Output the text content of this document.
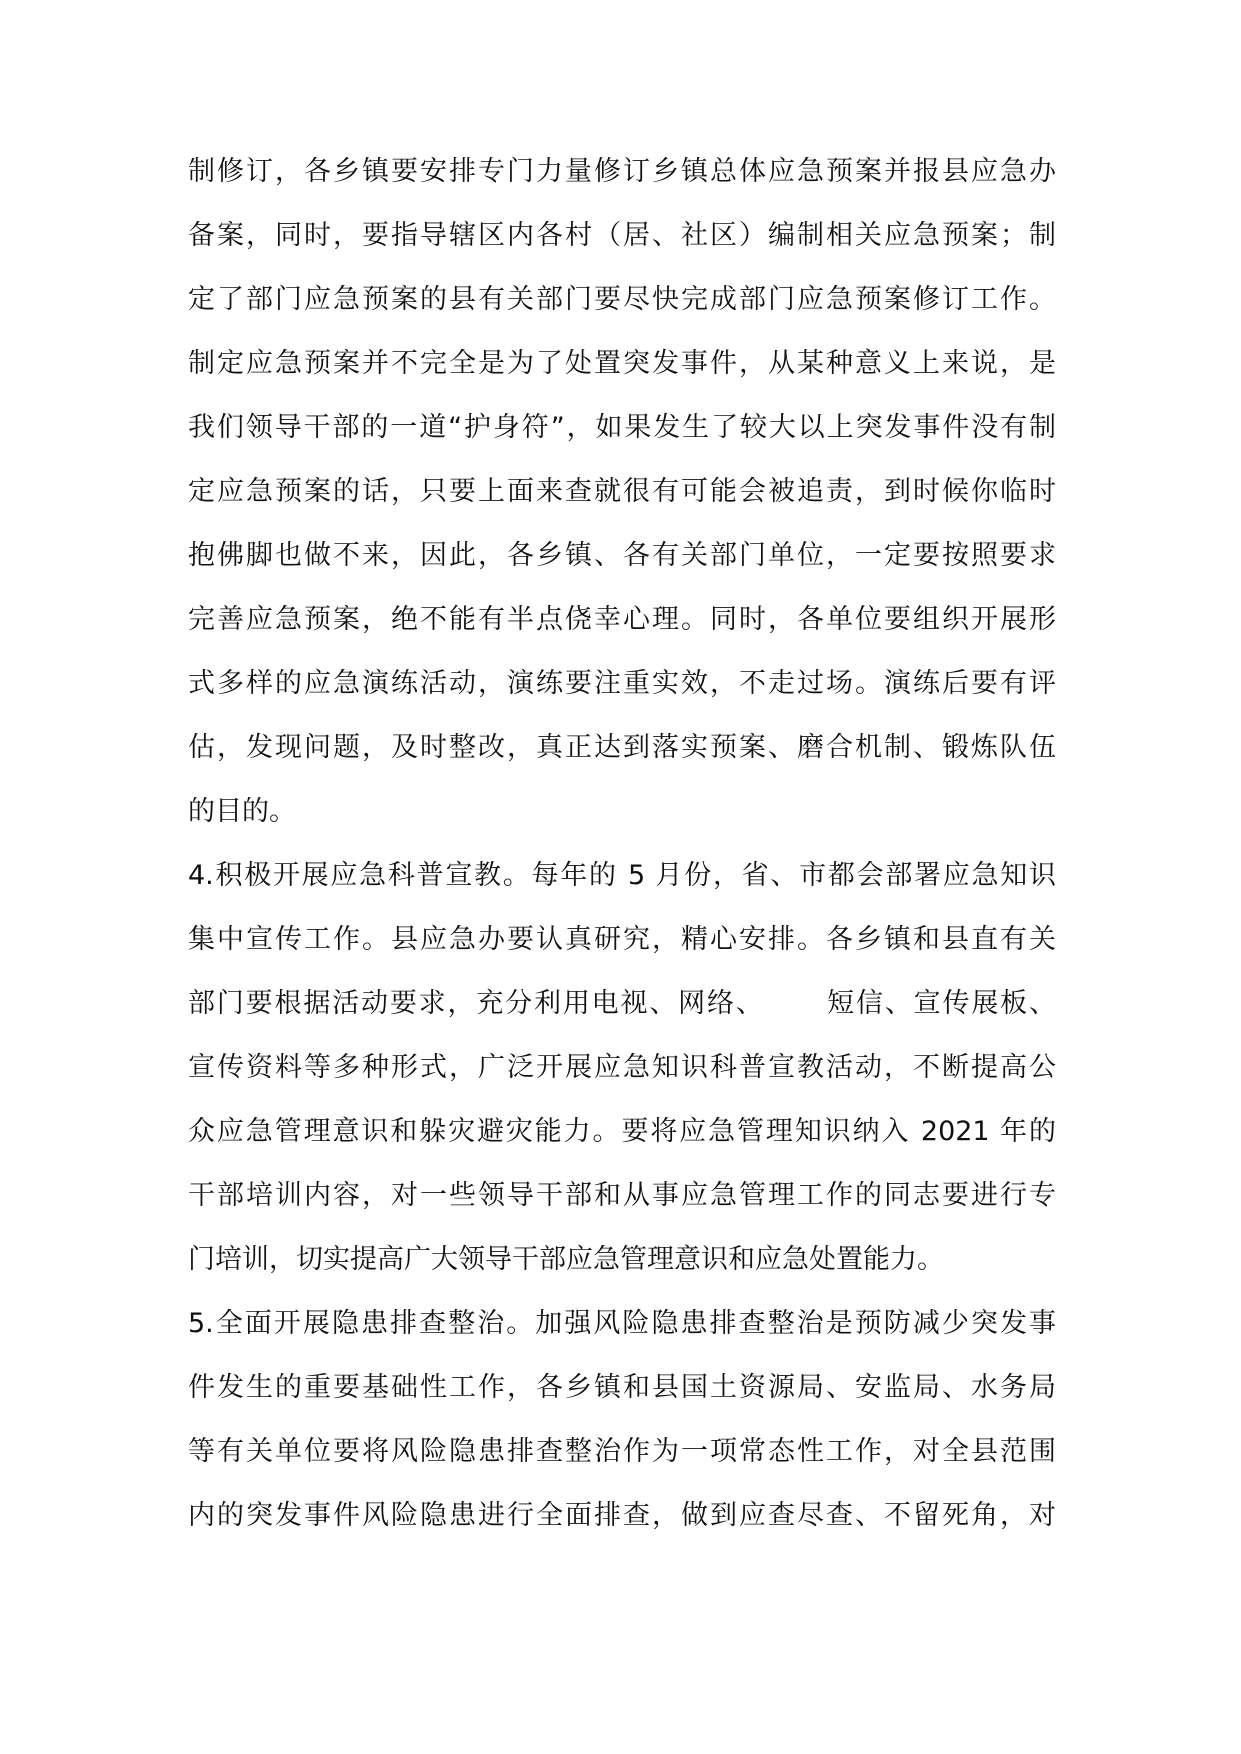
制修订，各乡镇要安排专门力量修订乡镇总体应急预案并报县应急办
备案，同时，要指导辖区内各村（居、社区）编制相关应急预案；制
定了部门应急预案的县有关部门要尽快完成部门应急预案修订工作。
制定应急预案并不完全是为了处置突发事件，从某种意义上来说，是
我们领导干部的一道“护身符”，如果发生了较大以上突发事件没有制
定应急预案的话，只要上面来查就很有可能会被追责，到时候你临时
抱佛脚也做不来，因此，各乡镇、各有关部门单位，一定要按照要求
完善应急预案，绝不能有半点侥幸心理。同时，各单位要组织开展形
式多样的应急演练活动，演练要注重实效，不走过场。演练后要有评
估，发现问题，及时整改，真正达到落实预案、磨合机制、锻炼队伍
的目的。
4.积极开展应急科普宣教。每年的 5 月份，省、市都会部署应急知识
集中宣传工作。县应急办要认真研究，精心安排。各乡镇和县直有关
部门要根据活动要求，充分利用电视、网络、      短信、宣传展板、
宣传资料等多种形式，广泛开展应急知识科普宣教活动，不断提高公
众应急管理意识和躲灾避灾能力。要将应急管理知识纳入 2021 年的
干部培训内容，对一些领导干部和从事应急管理工作的同志要进行专
门培训，切实提高广大领导干部应急管理意识和应急处置能力。
5.全面开展隐患排查整治。加强风险隐患排查整治是预防减少突发事
件发生的重要基础性工作，各乡镇和县国土资源局、安监局、水务局
等有关单位要将风险隐患排查整治作为一项常态性工作，对全县范围
内的突发事件风险隐患进行全面排查，做到应查尽查、不留死角，对
